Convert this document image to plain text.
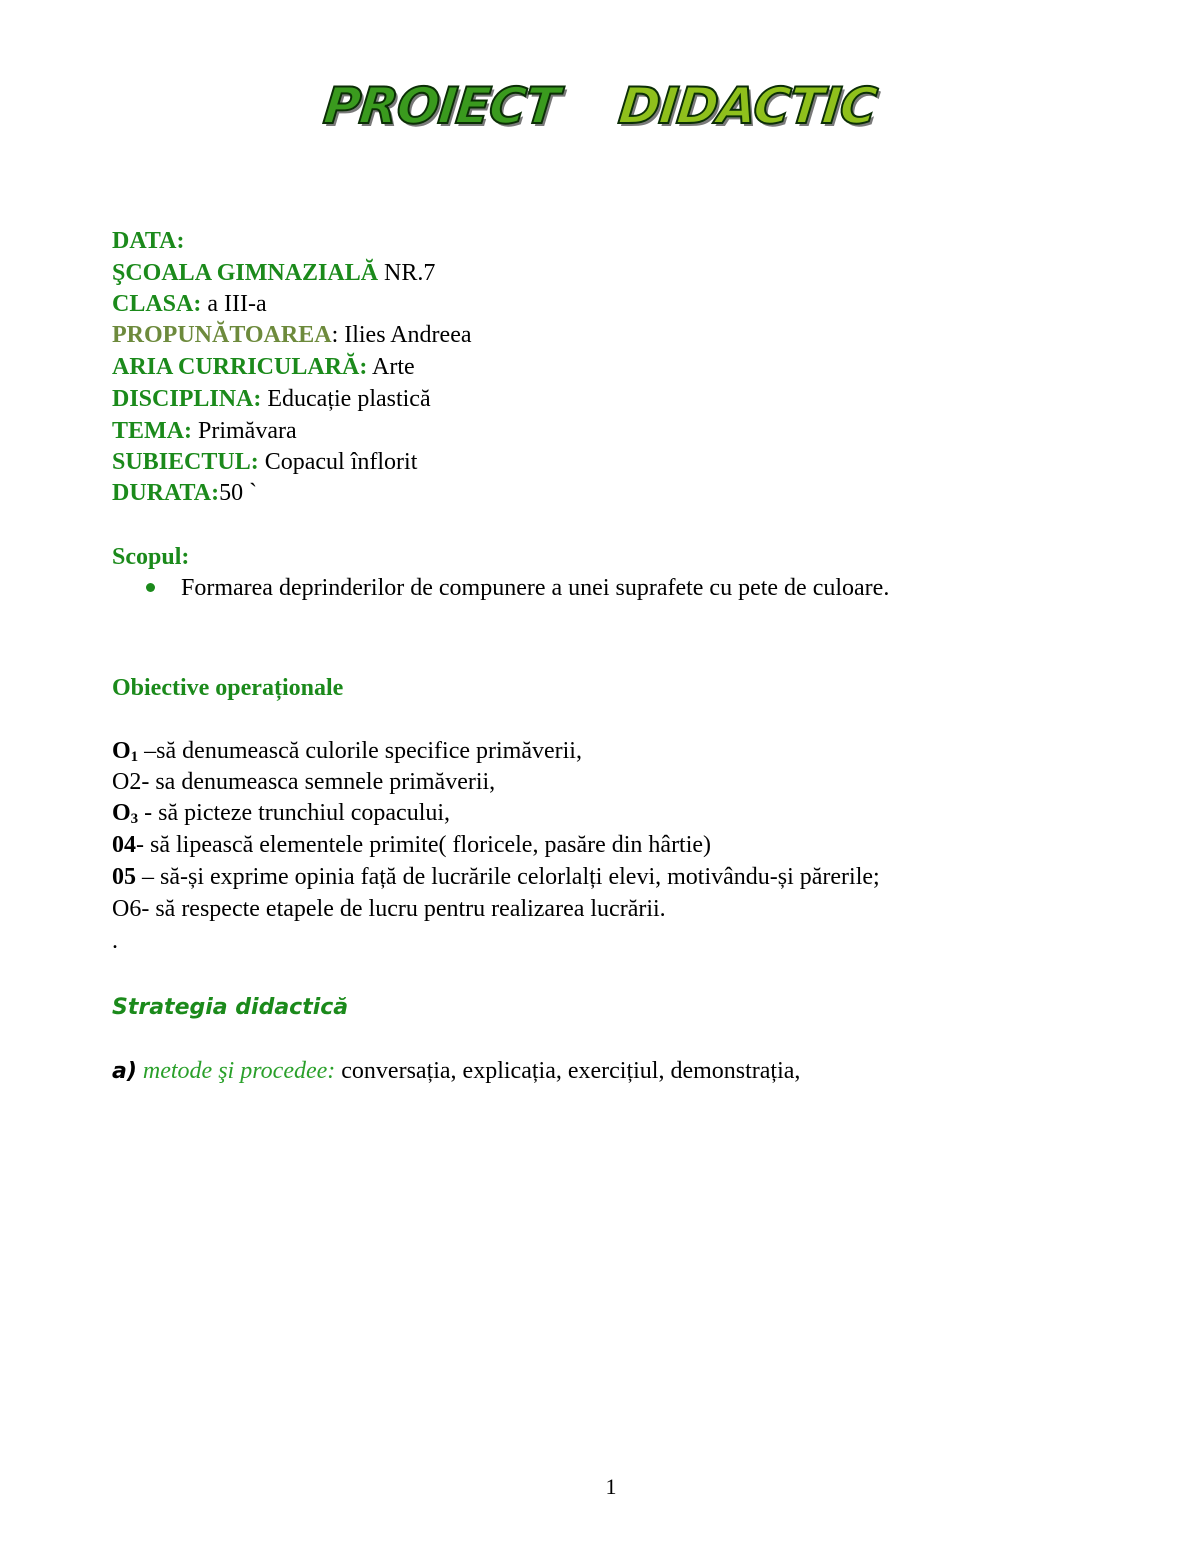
PROIECT DIDACTIC
DATA:
ŞCOALA GIMNAZIALĂ NR.7
CLASA: a III-a
PROPUNĂTOAREA: Ilies Andreea
ARIA CURRICULARĂ: Arte
DISCIPLINA: Educație plastică
TEMA: Primăvara
SUBIECTUL: Copacul înflorit
DURATA:50 `
Scopul:
Formarea deprinderilor de compunere a unei suprafete cu pete de culoare.
Obiective operaționale
$O_1$ –să denumească culorile specifice primăverii,
O2- sa denumeasca semnele primăverii,
$O_3$ - să picteze trunchiul copacului,
04- să lipească elementele primite( floricele, pasăre din hârtie)
05 – să-și exprime opinia față de lucrările celorlalți elevi, motivându-și părerile;
O6- să respecte etapele de lucru pentru realizarea lucrării.
.
Strategia didactică
a) metode şi procedee: conversația, explicația, exercițiul, demonstrația,
1
